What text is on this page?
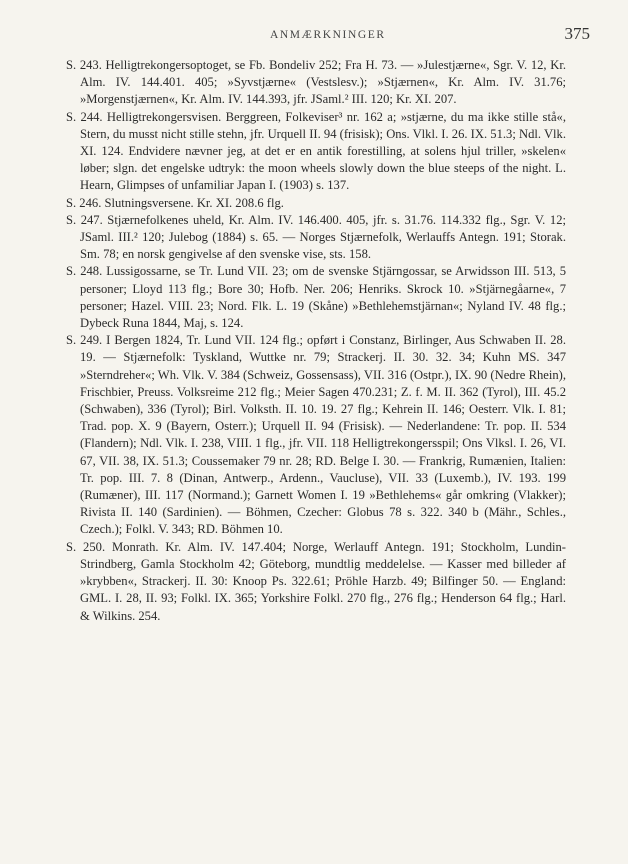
ANMÆRKNINGER	375

S. 243. Helligtrekongersoptoget, se Fb. Bondeliv 252; Fra H. 73. — »Julestjærne«, Sgr. V. 12, Kr. Alm. IV. 144.401. 405; »Syvstjærne« (Vestslesv.); »Stjærnen«, Kr. Alm. IV. 31.76; »Morgenstjærnen«, Kr. Alm. IV. 144.393, jfr. JSaml.² III. 120; Kr. XI. 207.

S. 244. Helligtrekongersvisen. Berggreen, Folkeviser³ nr. 162 a; »stjærne, du ma ikke stille stå«, Stern, du musst nicht stille stehn, jfr. Urquell II. 94 (frisisk); Ons. Vlkl. I. 26. IX. 51.3; Ndl. Vlk. XI. 124. Endvidere nævner jeg, at det er en antik forestilling, at solens hjul triller, »skelen« løber; slgn. det engelske udtryk: the moon wheels slowly down the blue steeps of the night. L. Hearn, Glimpses of unfamiliar Japan I. (1903) s. 137.

S. 246. Slutningsversene. Kr. XI. 208.6 flg.

S. 247. Stjærnefolkenes uheld, Kr. Alm. IV. 146.400. 405, jfr. s. 31.76. 114.332 flg., Sgr. V. 12; JSaml. III.² 120; Julebog (1884) s. 65. — Norges Stjærnefolk, Werlauffs Antegn. 191; Storak. Sm. 78; en norsk gengivelse af den svenske vise, sts. 158.

S. 248. Lussigossarne, se Tr. Lund VII. 23; om de svenske Stjärngossar, se Arwidsson III. 513, 5 personer; Lloyd 113 flg.; Bore 30; Hofb. Ner. 206; Henriks. Skrock 10. »Stjärnegåarne«, 7 personer; Hazel. VIII. 23; Nord. Flk. L. 19 (Skåne) »Bethlehemstjärnan«; Nyland IV. 48 flg.; Dybeck Runa 1844, Maj, s. 124.

S. 249. I Bergen 1824, Tr. Lund VII. 124 flg.; opført i Constanz, Birlinger, Aus Schwaben II. 28. 19. — Stjærnefolk: Tyskland, Wuttke nr. 79; Strackerj. II. 30. 32. 34; Kuhn MS. 347 »Sterndreher«; Wh. Vlk. V. 384 (Schweiz, Gossensass), VII. 316 (Ostpr.), IX. 90 (Nedre Rhein), Frischbier, Preuss. Volksreime 212 flg.; Meier Sagen 470.231; Z. f. M. II. 362 (Tyrol), III. 45.2 (Schwaben), 336 (Tyrol); Birl. Volksth. II. 10. 19. 27 flg.; Kehrein II. 146; Oesterr. Vlk. I. 81; Trad. pop. X. 9 (Bayern, Osterr.); Urquell II. 94 (Frisisk). — Nederlandene: Tr. pop. II. 534 (Flandern); Ndl. Vlk. I. 238, VIII. 1 flg., jfr. VII. 118 Helligtrekongersspil; Ons Vlksl. I. 26, VI. 67, VII. 38, IX. 51.3; Coussemaker 79 nr. 28; RD. Belge I. 30. — Frankrig, Rumænien, Italien: Tr. pop. III. 7. 8 (Dinan, Antwerp., Ardenn., Vaucluse), VII. 33 (Luxemb.), IV. 193. 199 (Rumæner), III. 117 (Normand.); Garnett Women I. 19 »Bethlehems« går omkring (Vlakker); Rivista II. 140 (Sardinien). — Böhmen, Czecher: Globus 78 s. 322. 340 b (Mähr., Schles., Czech.); Folkl. V. 343; RD. Böhmen 10.

S. 250. Monrath. Kr. Alm. IV. 147.404; Norge, Werlauff Antegn. 191; Stockholm, Lundin-Strindberg, Gamla Stockholm 42; Göteborg, mundtlig meddelelse. — Kasser med billeder af »krybben«, Strackerj. II. 30: Knoop Ps. 322.61; Pröhle Harzb. 49; Bilfinger 50. — England: GML. I. 28, II. 93; Folkl. IX. 365; Yorkshire Folkl. 270 flg., 276 flg.; Henderson 64 flg.; Harl. & Wilkins. 254.
